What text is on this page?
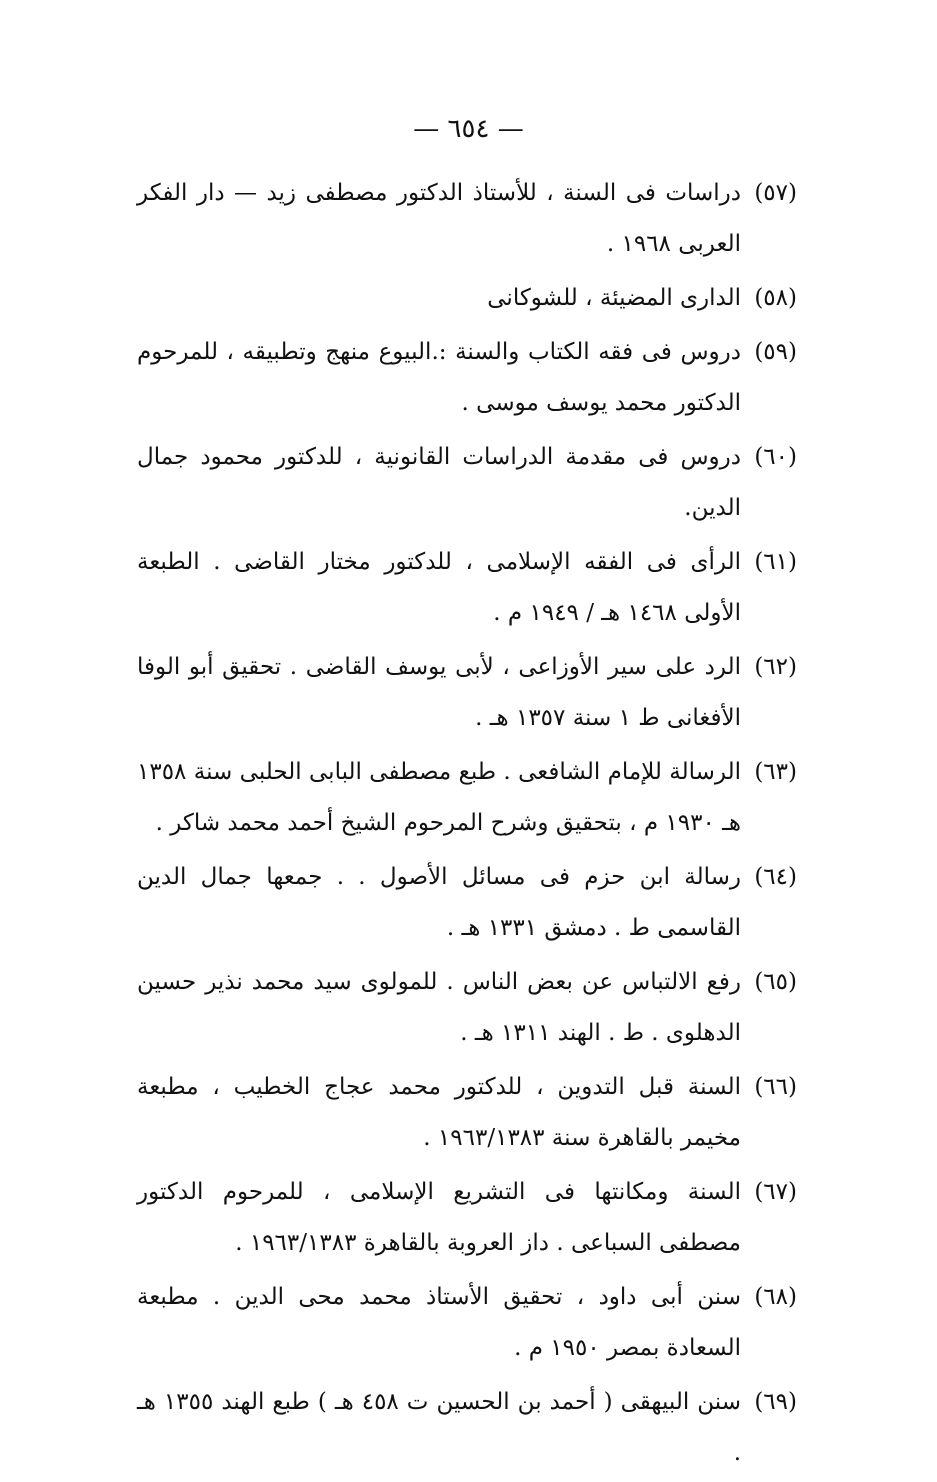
— ٦٥٤ —
(٥٧)
دراسات فى السنة ، للأستاذ الدكتور مصطفى زيد — دار الفكر العربى ١٩٦٨ .
(٥٨)
الدارى المضيئة ، للشوكانى
(٥٩)
دروس فى فقه الكتاب والسنة :.البيوع منهج وتطبيقه ، للمرحوم الدكتور محمد يوسف موسى .
(٦٠)
دروس فى مقدمة الدراسات القانونية ، للدكتور محمود جمال الدين.
(٦١)
الرأى فى الفقه الإسلامى ، للدكتور مختار القاضى . الطبعة الأولى ١٤٦٨ هـ / ١٩٤٩ م .
(٦٢)
الرد على سير الأوزاعى ، لأبى يوسف القاضى . تحقيق أبو الوفا الأفغانى ط ١ سنة ١٣٥٧ هـ .
(٦٣)
الرسالة للإمام الشافعى . طبع مصطفى البابى الحلبى سنة ١٣٥٨ هـ ١٩٣٠ م ، بتحقيق وشرح المرحوم الشيخ أحمد محمد شاكر .
(٦٤)
رسالة ابن حزم فى مسائل الأصول . . جمعها جمال الدين القاسمى ط . دمشق ١٣٣١ هـ .
(٦٥)
رفع الالتباس عن بعض الناس . للمولوى سيد محمد نذير حسين الدهلوى . ط . الهند ١٣١١ هـ .
(٦٦)
السنة قبل التدوين ، للدكتور محمد عجاج الخطيب ، مطبعة مخيمر بالقاهرة سنة ١٩٦٣/١٣٨٣ .
(٦٧)
السنة ومكانتها فى التشريع الإسلامى ، للمرحوم الدكتور مصطفى السباعى . داز العروبة بالقاهرة ١٩٦٣/١٣٨٣ .
(٦٨)
سنن أبى داود ، تحقيق الأستاذ محمد محى الدين . مطبعة السعادة بمصر ١٩٥٠ م .
(٦٩)
سنن البيهقى ( أحمد بن الحسين ت ٤٥٨ هـ ) طبع الهند ١٣٥٥ هـ .
